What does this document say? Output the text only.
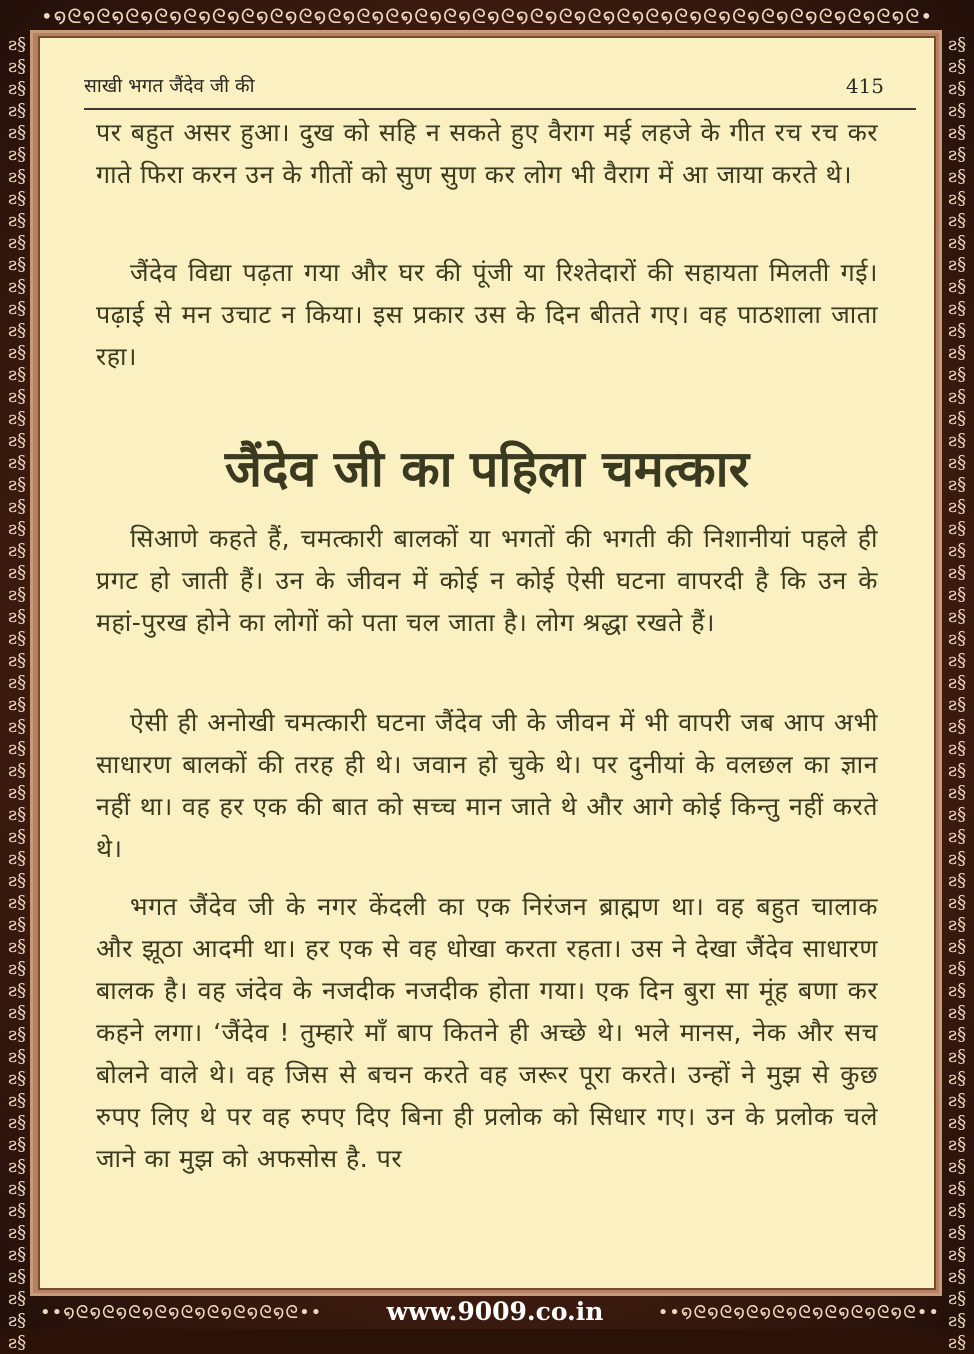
•໑ᘓ໑ᘓ໑ᘓ໑ᘓ໑ᘓ໑ᘓ໑ᘓ໑ᘓ໑ᘓ໑ᘓ໑ᘓ໑ᘓ໑ᘓ໑ᘓ໑ᘓ໑ᘓ໑ᘓ໑ᘓ໑ᘓ໑ᘓ໑ᘓ໑ᘓ໑ᘓ໑ᘓ໑ᘓ໑ᘓ໑ᘓ໑ᘓ໑ᘓ໑ᘓ•
ƨ§ƨ§ƨ§ƨ§ƨ§ƨ§ƨ§ƨ§ƨ§ƨ§ƨ§ƨ§ƨ§ƨ§ƨ§ƨ§ƨ§ƨ§ƨ§ƨ§ƨ§ƨ§ƨ§ƨ§ƨ§ƨ§ƨ§ƨ§ƨ§ƨ§ƨ§ƨ§ƨ§ƨ§ƨ§ƨ§ƨ§ƨ§ƨ§ƨ§ƨ§ƨ§ƨ§ƨ§ƨ§ƨ§ƨ§ƨ§ƨ§ƨ§ƨ§ƨ§ƨ§ƨ§ƨ§ƨ§ƨ§ƨ§ƨ§ƨ§
ƨ§ƨ§ƨ§ƨ§ƨ§ƨ§ƨ§ƨ§ƨ§ƨ§ƨ§ƨ§ƨ§ƨ§ƨ§ƨ§ƨ§ƨ§ƨ§ƨ§ƨ§ƨ§ƨ§ƨ§ƨ§ƨ§ƨ§ƨ§ƨ§ƨ§ƨ§ƨ§ƨ§ƨ§ƨ§ƨ§ƨ§ƨ§ƨ§ƨ§ƨ§ƨ§ƨ§ƨ§ƨ§ƨ§ƨ§ƨ§ƨ§ƨ§ƨ§ƨ§ƨ§ƨ§ƨ§ƨ§ƨ§ƨ§ƨ§ƨ§
••໑ᘓ໑ᘓ໑ᘓ໑ᘓ໑ᘓ໑ᘓ໑ᘓ໑ᘓ໑ᘓ••	••໑ᘓ໑ᘓ໑ᘓ໑ᘓ໑ᘓ໑ᘓ໑ᘓ໑ᘓ໑ᘓ••
साखी भगत जैंदेव जी की	415

पर बहुत असर हुआ। दुख को सहि न सकते हुए वैराग मई लहजे के गीत रच रच कर गाते फिरा करन उन के गीतों को सुण सुण कर लोग भी वैराग में आ जाया करते थे।

जैंदेव विद्या पढ़ता गया और घर की पूंजी या रिश्तेदारों की सहायता मिलती गई। पढ़ाई से मन उचाट न किया। इस प्रकार उस के दिन बीतते गए। वह पाठशाला जाता रहा।

जैंदेव जी का पहिला चमत्कार

सिआणे कहते हैं, चमत्कारी बालकों या भगतों की भगती की निशानीयां पहले ही प्रगट हो जाती हैं। उन के जीवन में कोई न कोई ऐसी घटना वापरदी है कि उन के महां-पुरख होने का लोगों को पता चल जाता है। लोग श्रद्धा रखते हैं।

ऐसी ही अनोखी चमत्कारी घटना जैंदेव जी के जीवन में भी वापरी जब आप अभी साधारण बालकों की तरह ही थे। जवान हो चुके थे। पर दुनीयां के वलछल का ज्ञान नहीं था। वह हर एक की बात को सच्च मान जाते थे और आगे कोई किन्तु नहीं करते थे।

भगत जैंदेव जी के नगर केंदली का एक निरंजन ब्राह्मण था। वह बहुत चालाक और झूठा आदमी था। हर एक से वह धोखा करता रहता। उस ने देखा जैंदेव साधारण बालक है। वह जंदेव के नजदीक नजदीक होता गया। एक दिन बुरा सा मूंह बणा कर कहने लगा। ‘जैंदेव ! तुम्हारे माँ बाप कितने ही अच्छे थे। भले मानस, नेक और सच बोलने वाले थे। वह जिस से बचन करते वह जरूर पूरा करते। उन्हों ने मुझ से कुछ रुपए लिए थे पर वह रुपए दिए बिना ही प्रलोक को सिधार गए। उन के प्रलोक चले जाने का मुझ को अफसोस है. पर

www.9009.co.in
